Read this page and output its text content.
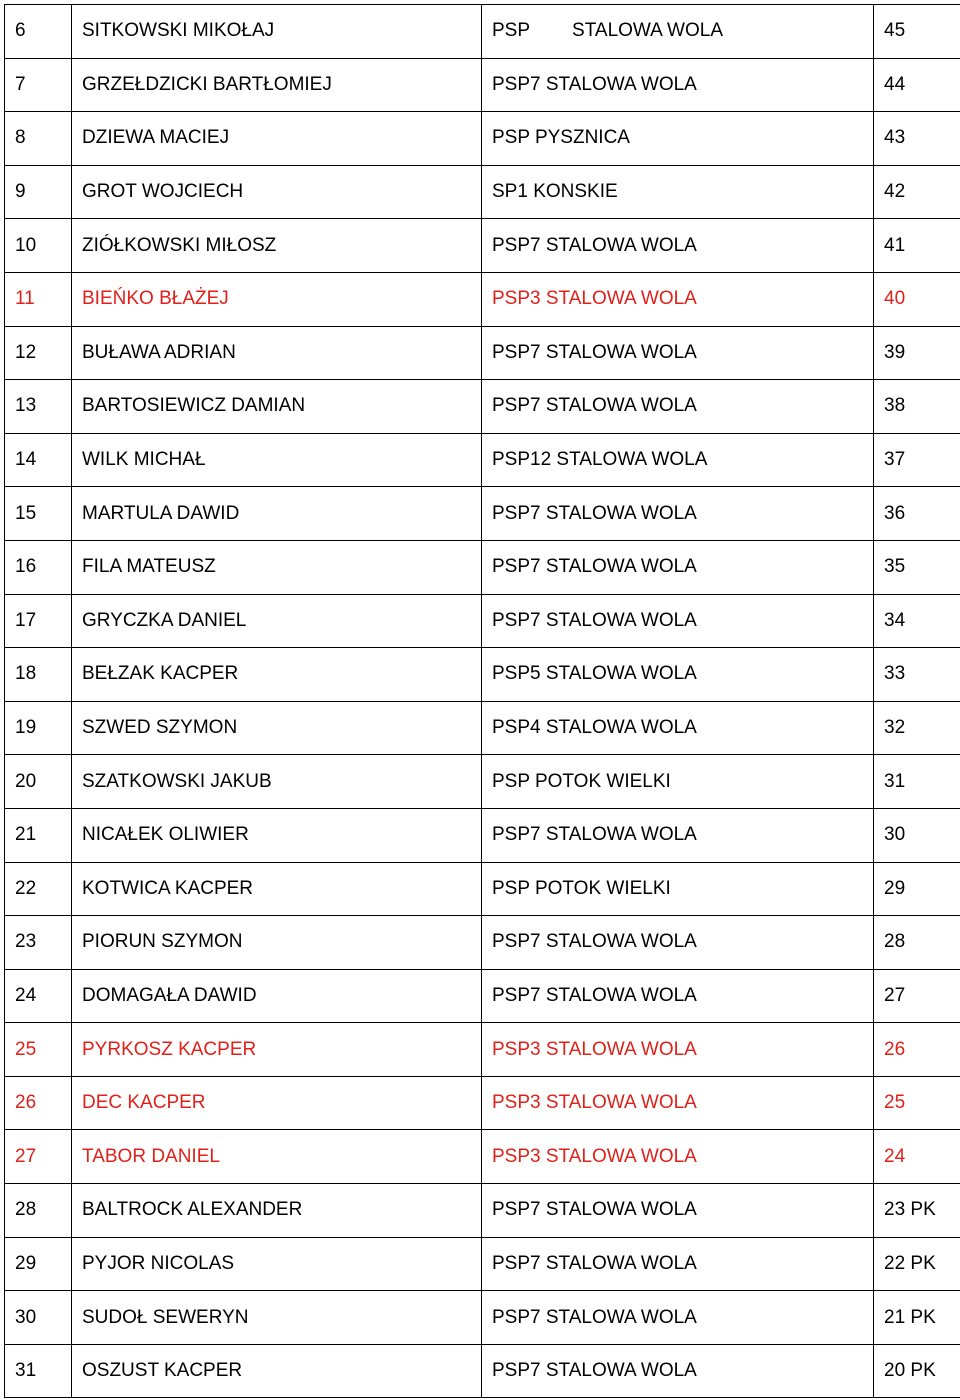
6	SITKOWSKI MIKOŁAJ	PSP STALOWA WOLA	45
7	GRZEŁDZICKI BARTŁOMIEJ	PSP7 STALOWA WOLA	44
8	DZIEWA MACIEJ	PSP PYSZNICA	43
9	GROT WOJCIECH	SP1 KONSKIE	42
10	ZIÓŁKOWSKI MIŁOSZ	PSP7 STALOWA WOLA	41
11	BIEŃKO BŁAŻEJ	PSP3 STALOWA WOLA	40
12	BUŁAWA ADRIAN	PSP7 STALOWA WOLA	39
13	BARTOSIEWICZ DAMIAN	PSP7 STALOWA WOLA	38
14	WILK MICHAŁ	PSP12 STALOWA WOLA	37
15	MARTULA DAWID	PSP7 STALOWA WOLA	36
16	FILA MATEUSZ	PSP7 STALOWA WOLA	35
17	GRYCZKA DANIEL	PSP7 STALOWA WOLA	34
18	BEŁZAK KACPER	PSP5 STALOWA WOLA	33
19	SZWED SZYMON	PSP4 STALOWA WOLA	32
20	SZATKOWSKI JAKUB	PSP POTOK WIELKI	31
21	NICAŁEK OLIWIER	PSP7 STALOWA WOLA	30
22	KOTWICA KACPER	PSP POTOK WIELKI	29
23	PIORUN SZYMON	PSP7 STALOWA WOLA	28
24	DOMAGAŁA DAWID	PSP7 STALOWA WOLA	27
25	PYRKOSZ KACPER	PSP3 STALOWA WOLA	26
26	DEC KACPER	PSP3 STALOWA WOLA	25
27	TABOR DANIEL	PSP3 STALOWA WOLA	24
28	BALTROCK ALEXANDER	PSP7 STALOWA WOLA	23 PK
29	PYJOR NICOLAS	PSP7 STALOWA WOLA	22 PK
30	SUDOŁ SEWERYN	PSP7 STALOWA WOLA	21 PK
31	OSZUST KACPER	PSP7 STALOWA WOLA	20 PK
